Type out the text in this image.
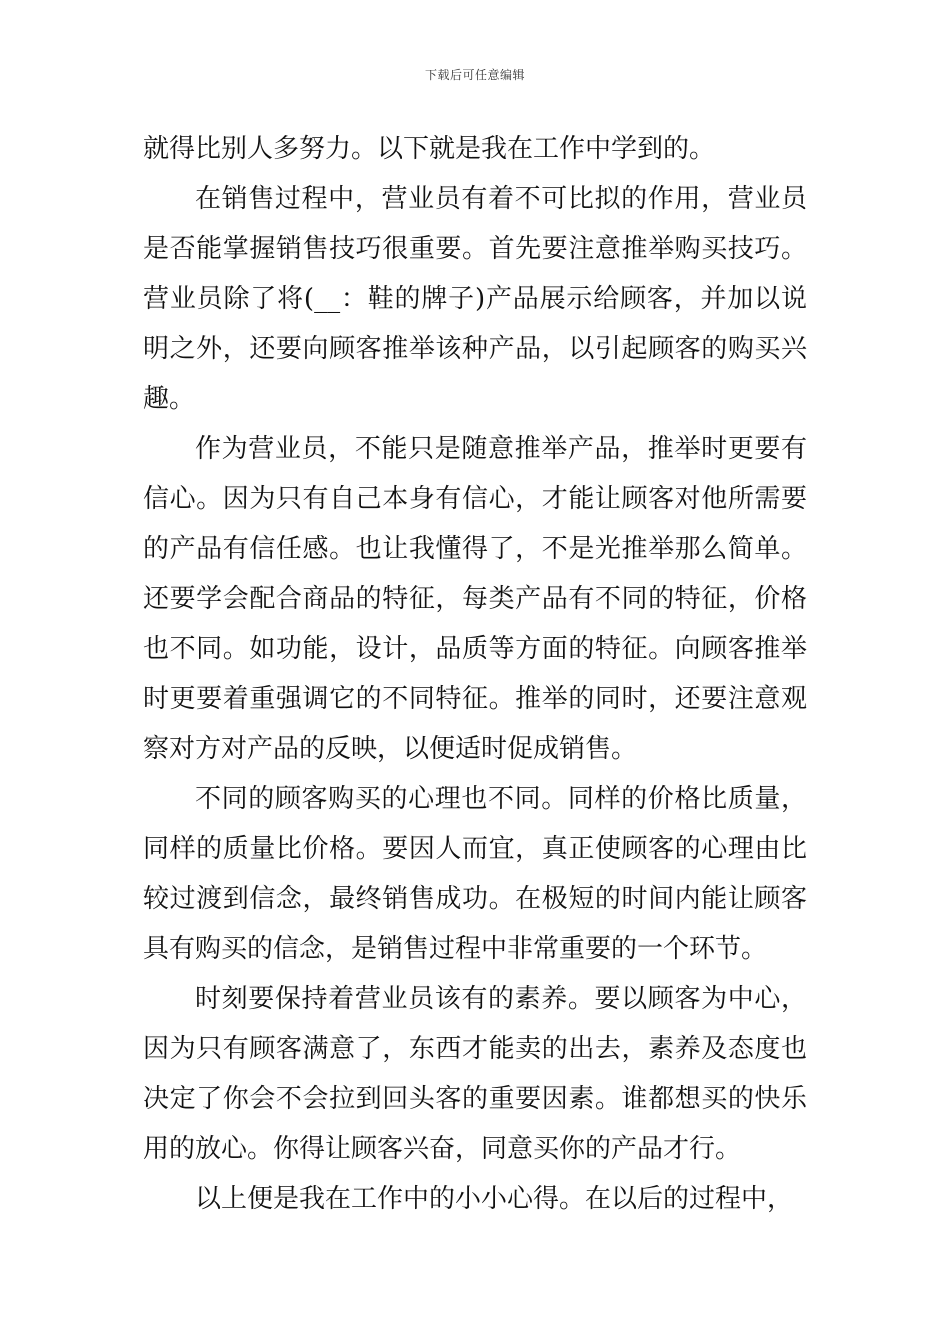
下载后可任意编辑

就得比别人多努力。以下就是我在工作中学到的。

在销售过程中，营业员有着不可比拟的作用，营业员是否能掌握销售技巧很重要。首先要注意推举购买技巧。营业员除了将(__：鞋的牌子)产品展示给顾客，并加以说明之外，还要向顾客推举该种产品，以引起顾客的购买兴趣。

作为营业员，不能只是随意推举产品，推举时更要有信心。因为只有自己本身有信心，才能让顾客对他所需要的产品有信任感。也让我懂得了，不是光推举那么简单。还要学会配合商品的特征，每类产品有不同的特征，价格也不同。如功能，设计，品质等方面的特征。向顾客推举时更要着重强调它的不同特征。推举的同时，还要注意观察对方对产品的反映，以便适时促成销售。

不同的顾客购买的心理也不同。同样的价格比质量，同样的质量比价格。要因人而宜，真正使顾客的心理由比较过渡到信念，最终销售成功。在极短的时间内能让顾客具有购买的信念，是销售过程中非常重要的一个环节。

时刻要保持着营业员该有的素养。要以顾客为中心，因为只有顾客满意了，东西才能卖的出去，素养及态度也决定了你会不会拉到回头客的重要因素。谁都想买的快乐用的放心。你得让顾客兴奋，同意买你的产品才行。

以上便是我在工作中的小小心得。在以后的过程中，
